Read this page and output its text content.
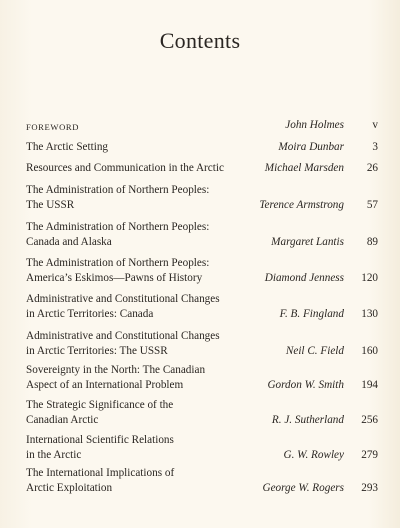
Contents
FOREWORD	John Holmes	v
The Arctic Setting	Moira Dunbar	3
Resources and Communication in the Arctic	Michael Marsden	26
The Administration of Northern Peoples:
The USSR	Terence Armstrong	57
The Administration of Northern Peoples:
Canada and Alaska	Margaret Lantis	89
The Administration of Northern Peoples:
America’s Eskimos—Pawns of History	Diamond Jenness	120
Administrative and Constitutional Changes
in Arctic Territories: Canada	F. B. Fingland	130
Administrative and Constitutional Changes
in Arctic Territories: The USSR	Neil C. Field	160
Sovereignty in the North: The Canadian
Aspect of an International Problem	Gordon W. Smith	194
The Strategic Significance of the
Canadian Arctic	R. J. Sutherland	256
International Scientific Relations
in the Arctic	G. W. Rowley	279
The International Implications of
Arctic Exploitation	George W. Rogers	293
